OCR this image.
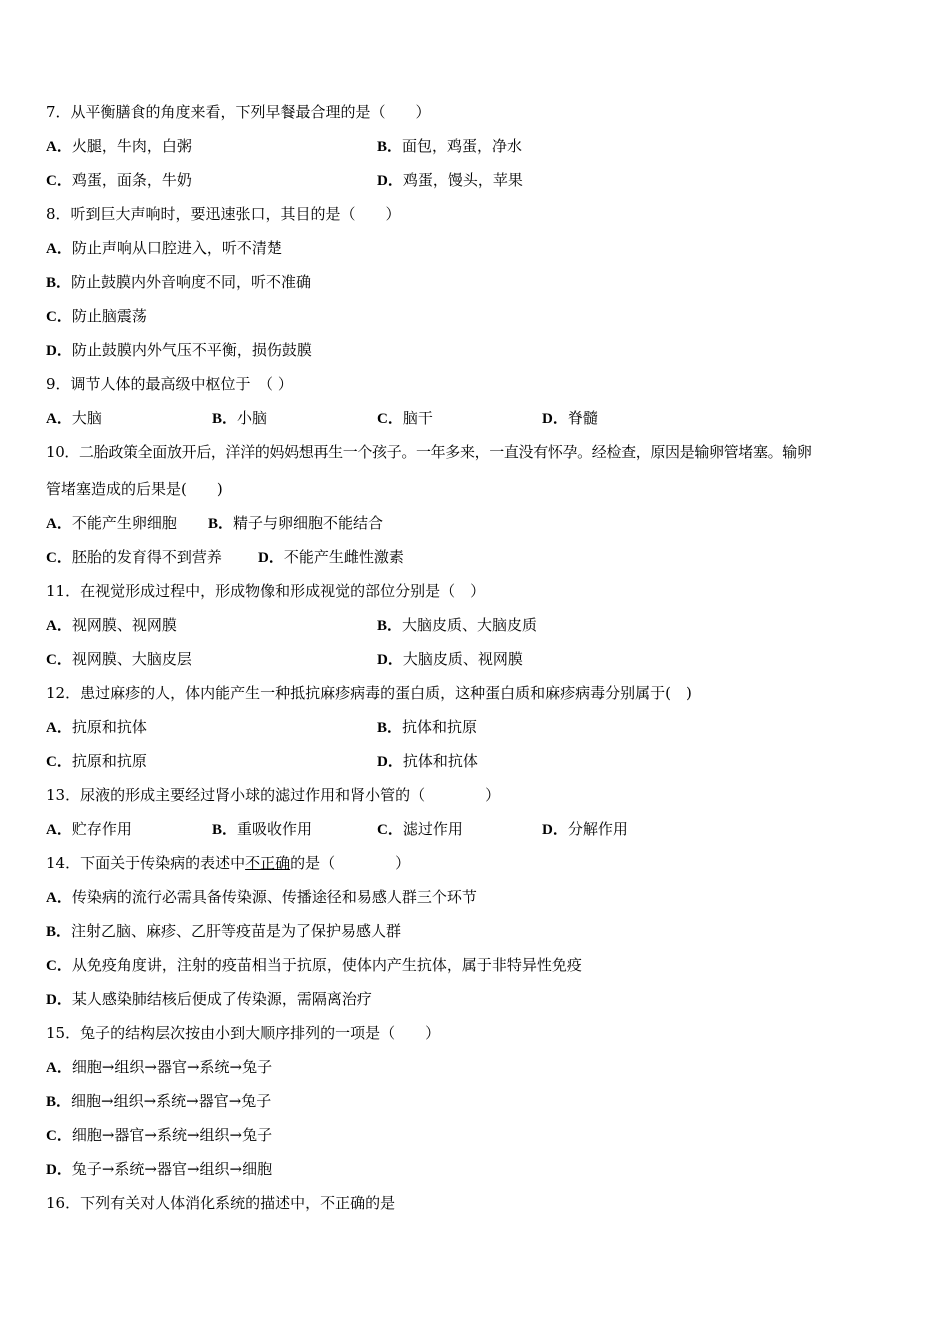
7．从平衡膳食的角度来看，下列早餐最合理的是（　　）
A．火腿，牛肉，白粥	B．面包，鸡蛋，净水
C．鸡蛋，面条，牛奶	D．鸡蛋，馒头，苹果
8．听到巨大声响时，要迅速张口，其目的是（　　）
A．防止声响从口腔进入，听不清楚
B．防止鼓膜内外音响度不同，听不准确
C．防止脑震荡
D．防止鼓膜内外气压不平衡，损伤鼓膜
9．调节人体的最高级中枢位于　（ ）
A．大脑	B．小脑	C．脑干	D．脊髓
10．二胎政策全面放开后，洋洋的妈妈想再生一个孩子。一年多来，一直没有怀孕。经检查，原因是输卵管堵塞。输卵
管堵塞造成的后果是(　　)
A．不能产生卵细胞 B．精子与卵细胞不能结合
C．胚胎的发育得不到营养 D．不能产生雌性激素
11．在视觉形成过程中，形成物像和形成视觉的部位分别是（　）
A．视网膜、视网膜	B．大脑皮质、大脑皮质
C．视网膜、大脑皮层	D．大脑皮质、视网膜
12．患过麻疹的人，体内能产生一种抵抗麻疹病毒的蛋白质，这种蛋白质和麻疹病毒分别属于(　)
A．抗原和抗体	B．抗体和抗原
C．抗原和抗原	D．抗体和抗体
13．尿液的形成主要经过肾小球的滤过作用和肾小管的（　　　　）
A．贮存作用	B．重吸收作用	C．滤过作用	D．分解作用
14．下面关于传染病的表述中不正确的是（　　　　）
A．传染病的流行必需具备传染源、传播途径和易感人群三个环节
B．注射乙脑、麻疹、乙肝等疫苗是为了保护易感人群
C．从免疫角度讲，注射的疫苗相当于抗原，使体内产生抗体，属于非特异性免疫
D．某人感染肺结核后便成了传染源，需隔离治疗
15．兔子的结构层次按由小到大顺序排列的一项是（　　）
A．细胞→组织→器官→系统→兔子
B．细胞→组织→系统→器官→兔子
C．细胞→器官→系统→组织→兔子
D．兔子→系统→器官→组织→细胞
16．下列有关对人体消化系统的描述中，不正确的是
